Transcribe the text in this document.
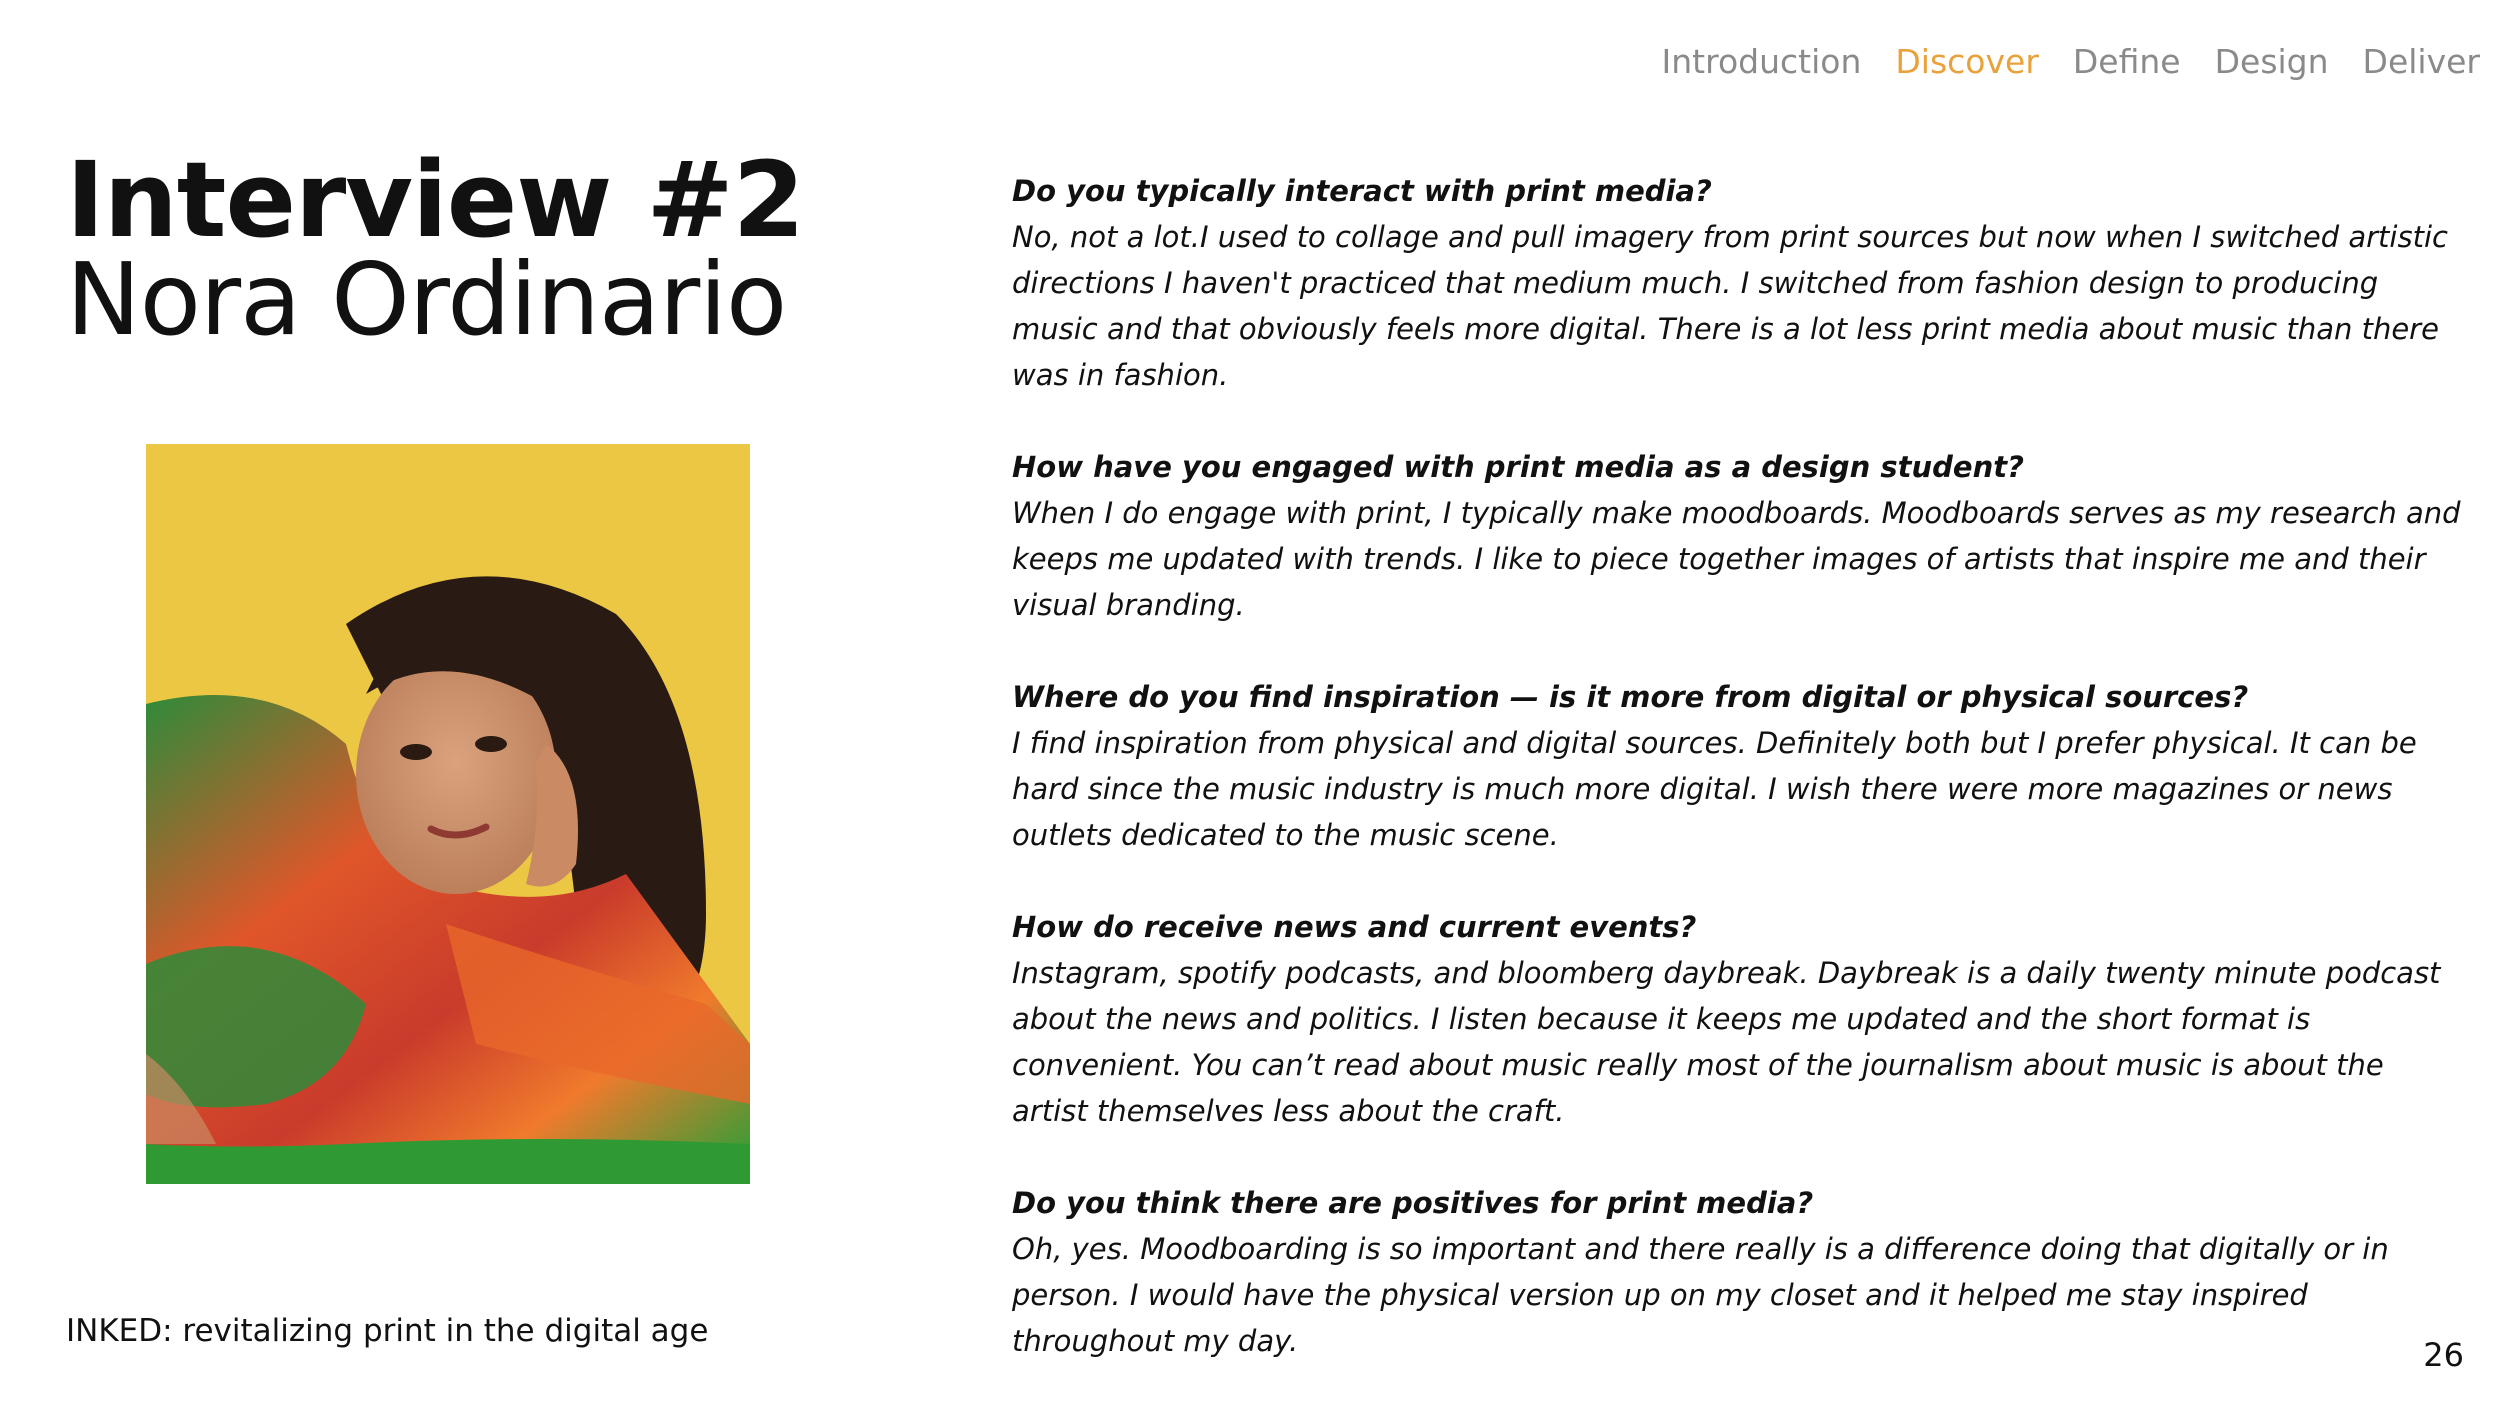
Introduction Discover Define Design Deliver
Interview #2
Nora Ordinario
Do you typically interact with print media?
No, not a lot.I used to collage and pull imagery from print sources but now when I switched artistic directions I haven't practiced that medium much. I switched from fashion design to producing music and that obviously feels more digital. There is a lot less print media about music than there was in fashion.
How have you engaged with print media as a design student?
When I do engage with print, I typically make moodboards. Moodboards serves as my research and keeps me updated with trends. I like to piece together images of artists that inspire me and their visual branding.
Where do you find inspiration — is it more from digital or physical sources?
I find inspiration from physical and digital sources. Definitely both but I prefer physical. It can be hard since the music industry is much more digital. I wish there were more magazines or news outlets dedicated to the music scene.
How do receive news and current events?
Instagram, spotify podcasts, and bloomberg daybreak. Daybreak is a daily twenty minute podcast about the news and politics. I listen because it keeps me updated and the short format is convenient. You can’t read about music really most of the journalism about music is about the artist themselves less about the craft.
Do you think there are positives for print media?
Oh, yes. Moodboarding is so important and there really is a difference doing that digitally or in person. I would have the physical version up on my closet and it helped me stay inspired throughout my day.
INKED: revitalizing print in the digital age
26
